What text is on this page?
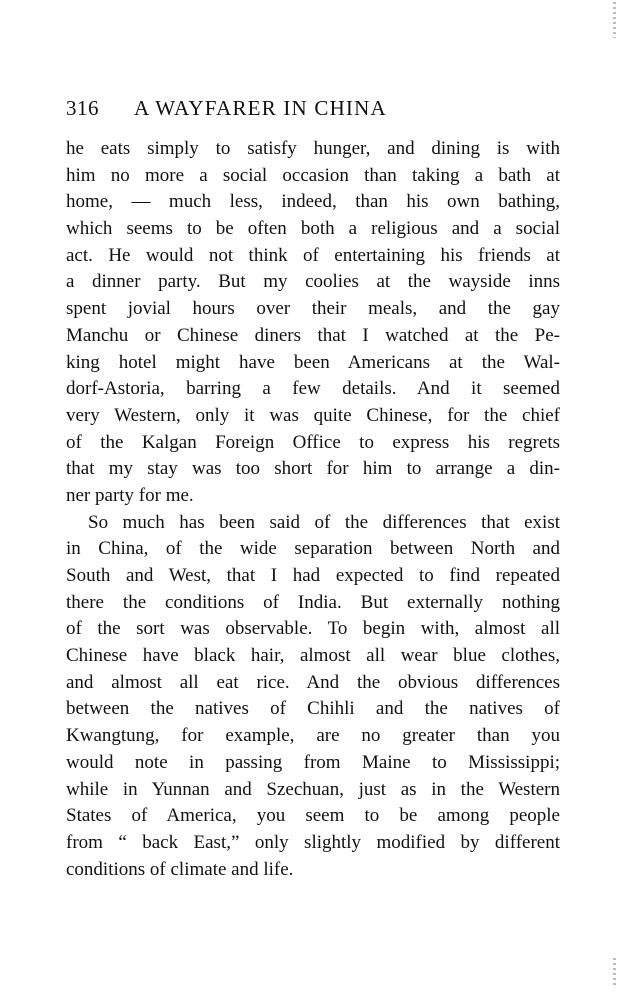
316 A WAYFARER IN CHINA
he eats simply to satisfy hunger, and dining is with
him no more a social occasion than taking a bath at
home, — much less, indeed, than his own bathing,
which seems to be often both a religious and a social
act. He would not think of entertaining his friends at
a dinner party. But my coolies at the wayside inns
spent jovial hours over their meals, and the gay
Manchu or Chinese diners that I watched at the Pe-
king hotel might have been Americans at the Wal-
dorf-Astoria, barring a few details. And it seemed
very Western, only it was quite Chinese, for the chief
of the Kalgan Foreign Office to express his regrets
that my stay was too short for him to arrange a din-
ner party for me.
So much has been said of the differences that exist
in China, of the wide separation between North and
South and West, that I had expected to find repeated
there the conditions of India. But externally nothing
of the sort was observable. To begin with, almost all
Chinese have black hair, almost all wear blue clothes,
and almost all eat rice. And the obvious differences
between the natives of Chihli and the natives of
Kwangtung, for example, are no greater than you
would note in passing from Maine to Mississippi;
while in Yunnan and Szechuan, just as in the Western
States of America, you seem to be among people
from “ back East,” only slightly modified by different
conditions of climate and life.
